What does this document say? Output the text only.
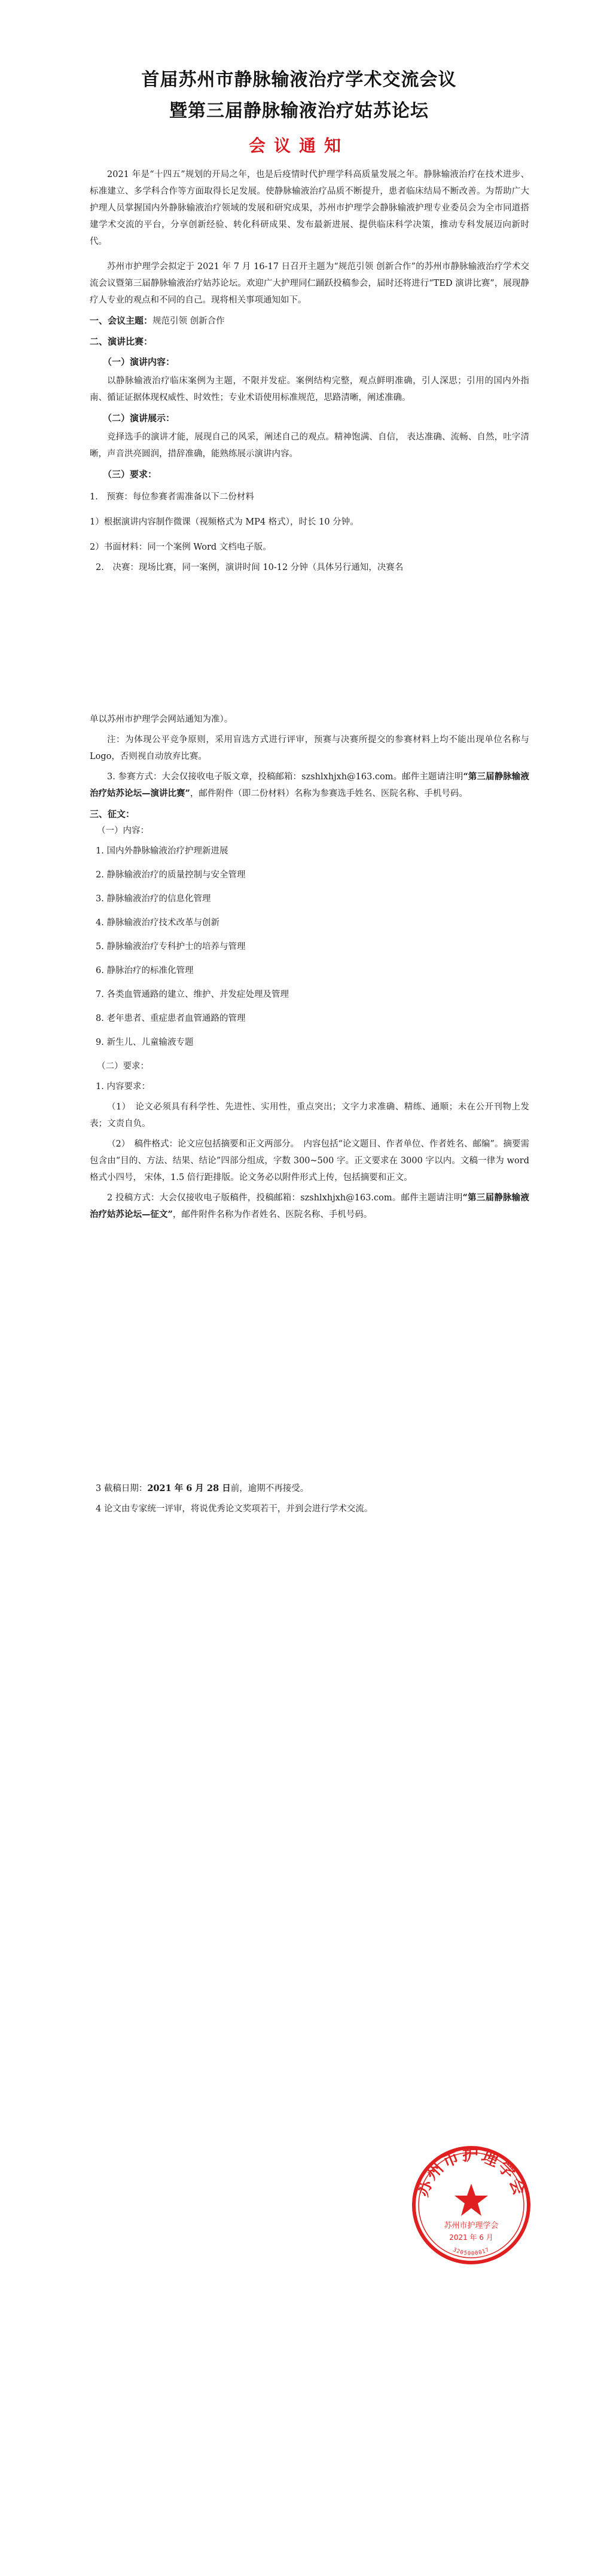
首届苏州市静脉输液治疗学术交流会议
暨第三届静脉输液治疗姑苏论坛
会议通知

2021 年是“十四五”规划的开局之年，也是后疫情时代护理学科高质量发展之年。静脉输液治疗在技术进步、标准建立、多学科合作等方面取得长足发展。使静脉输液治疗品质不断提升，患者临床结局不断改善。为帮助广大护理人员掌握国内外静脉输液治疗领域的发展和研究成果，苏州市护理学会静脉输液护理专业委员会为全市同道搭建学术交流的平台，分享创新经验、转化科研成果、发布最新进展、提供临床科学决策，推动专科发展迈向新时代。

苏州市护理学会拟定于 2021 年 7 月 16-17 日召开主题为“规范引领 创新合作”的苏州市静脉输液治疗学术交流会议暨第三届静脉输液治疗姑苏论坛。欢迎广大护理同仁踊跃投稿参会，届时还将进行“TED 演讲比赛”，展现静疗人专业的观点和不同的自己。现将相关事项通知如下。

一、会议主题：规范引领 创新合作

二、演讲比赛：

（一）演讲内容：

以静脉输液治疗临床案例为主题，不限并发症。案例结构完整，观点鲜明准确，引人深思；引用的国内外指南、循证证据体现权威性、时效性；专业术语使用标准规范，思路清晰，阐述准确。

（二）演讲展示：

竞择选手的演讲才能，展现自己的风采，阐述自己的观点。精神饱满、自信， 表达准确、流畅、自然，吐字清晰，声音洪亮圆润，措辞准确，能熟练展示演讲内容。

（三）要求：

1.　预赛：每位参赛者需准备以下二份材料

1）根据演讲内容制作微课（视频格式为 MP4 格式），时长 10 分钟。

2）书面材料：同一个案例 Word 文档电子版。

2.　决赛：现场比赛，同一案例，演讲时间 10-12 分钟（具体另行通知，决赛名

单以苏州市护理学会网站通知为准）。

注：为体现公平竞争原则，采用盲选方式进行评审，预赛与决赛所提交的参赛材料上均不能出现单位名称与 Logo，否则视自动放弃比赛。

3. 参赛方式：大会仅接收电子版文章，投稿邮箱：szshlxhjxh@163.com。邮件主题请注明“第三届静脉输液治疗姑苏论坛—演讲比赛”，邮件附件（即二份材料）名称为参赛选手姓名、医院名称、手机号码。

三、征文：

（一）内容：

1. 国内外静脉输液治疗护理新进展
2. 静脉输液治疗的质量控制与安全管理
3. 静脉输液治疗的信息化管理
4. 静脉输液治疗技术改革与创新
5. 静脉输液治疗专科护士的培养与管理
6. 静脉治疗的标准化管理
7. 各类血管通路的建立、维护、并发症处理及管理
8. 老年患者、重症患者血管通路的管理
9. 新生儿、儿童输液专题

（二）要求：

1. 内容要求：

（1）　论文必须具有科学性、先进性、实用性，重点突出；文字力求准确、精练、通顺；未在公开刊物上发表；文责自负。

（2）　稿件格式：论文应包括摘要和正文两部分。　内容包括“论文题目、作者单位、作者姓名、邮编”。摘要需包含由“目的、方法、结果、结论”四部分组成，字数 300~500 字。正文要求在 3000 字以内。文稿一律为 word 格式小四号， 宋体，1.5 倍行距排版。论文务必以附件形式上传，包括摘要和正文。

2 投稿方式：大会仅接收电子版稿件，投稿邮箱：szshlxhjxh@163.com。邮件主题请注明“第三届静脉输液治疗姑苏论坛—征文”，邮件附件名称为作者姓名、医院名称、手机号码。

3 截稿日期：2021 年 6 月 28 日前，逾期不再接受。

4 论文由专家统一评审，将说优秀论文奖项若干，并到会进行学术交流。

苏州市护理学会
苏州市护理学会
2021 年 6 月
3205000017
